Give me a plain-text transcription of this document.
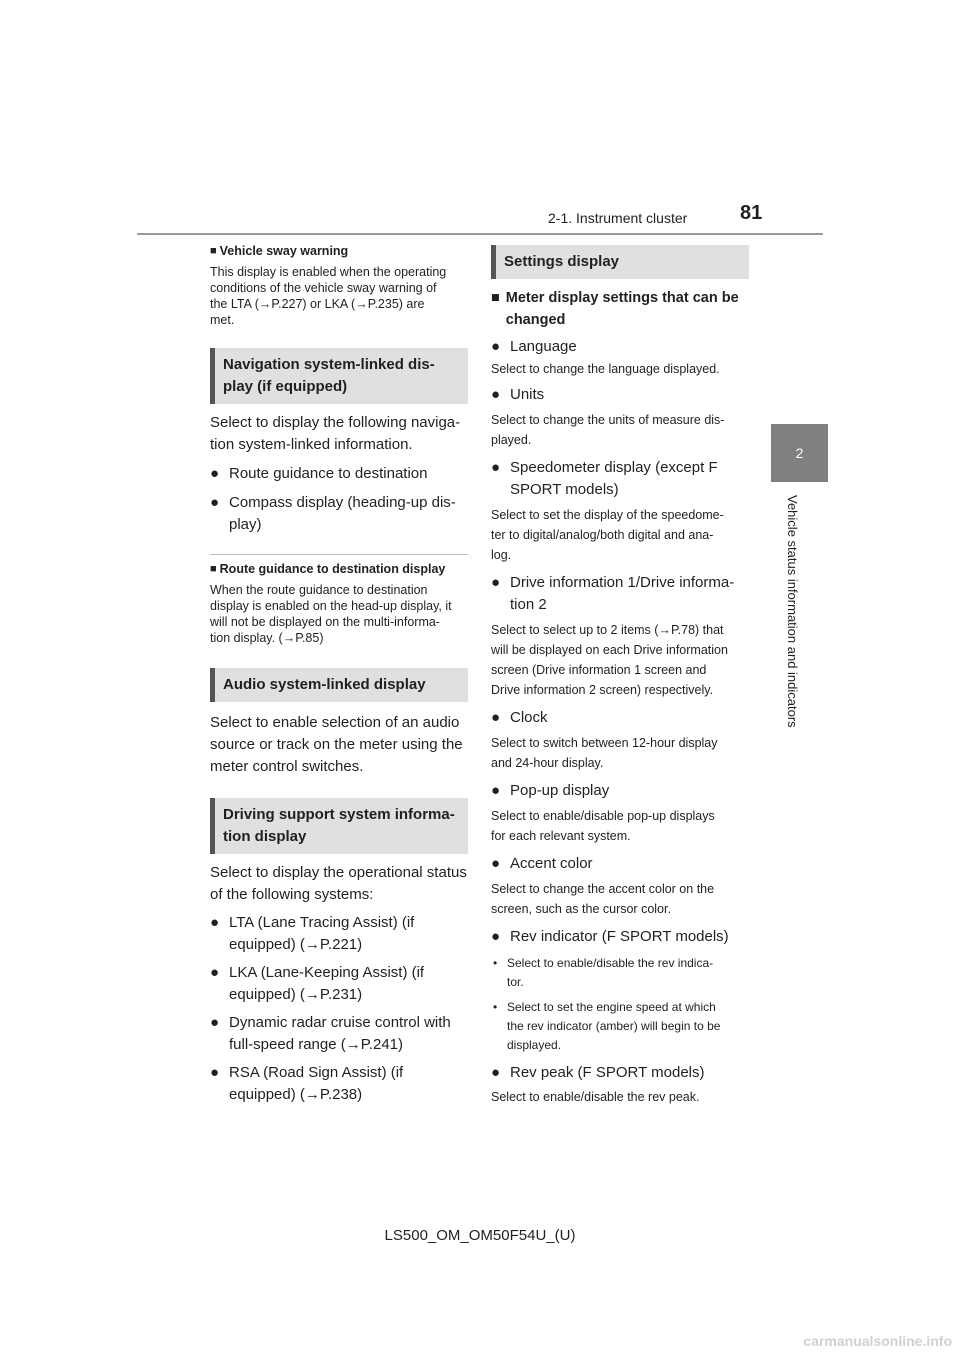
2-1. Instrument cluster	81
2
Vehicle status information and indicators
■ Vehicle sway warning
This display is enabled when the operating
conditions of the vehicle sway warning of
the LTA (→P.227) or LKA (→P.235) are
met.
Navigation system-linked dis-
play (if equipped)
Select to display the following naviga-
tion system-linked information.
● Route guidance to destination
● Compass display (heading-up dis-
play)
■ Route guidance to destination display
When the route guidance to destination
display is enabled on the head-up display, it
will not be displayed on the multi-informa-
tion display. (→P.85)
Audio system-linked display
Select to enable selection of an audio
source or track on the meter using the
meter control switches.
Driving support system informa-
tion display
Select to display the operational status
of the following systems:
● LTA (Lane Tracing Assist) (if
equipped) (→P.221)
● LKA (Lane-Keeping Assist) (if
equipped) (→P.231)
● Dynamic radar cruise control with
full-speed range (→P.241)
● RSA (Road Sign Assist) (if
equipped) (→P.238)
Settings display
■ Meter display settings that can be
changed
● Language
Select to change the language displayed.
● Units
Select to change the units of measure dis-
played.
● Speedometer display (except F
SPORT models)
Select to set the display of the speedome-
ter to digital/analog/both digital and ana-
log.
● Drive information 1/Drive informa-
tion 2
Select to select up to 2 items (→P.78) that
will be displayed on each Drive information
screen (Drive information 1 screen and
Drive information 2 screen) respectively.
● Clock
Select to switch between 12-hour display
and 24-hour display.
● Pop-up display
Select to enable/disable pop-up displays
for each relevant system.
● Accent color
Select to change the accent color on the
screen, such as the cursor color.
● Rev indicator (F SPORT models)
• Select to enable/disable the rev indica-
tor.
• Select to set the engine speed at which
the rev indicator (amber) will begin to be
displayed.
● Rev peak (F SPORT models)
Select to enable/disable the rev peak.
LS500_OM_OM50F54U_(U)
carmanualsonline.info
